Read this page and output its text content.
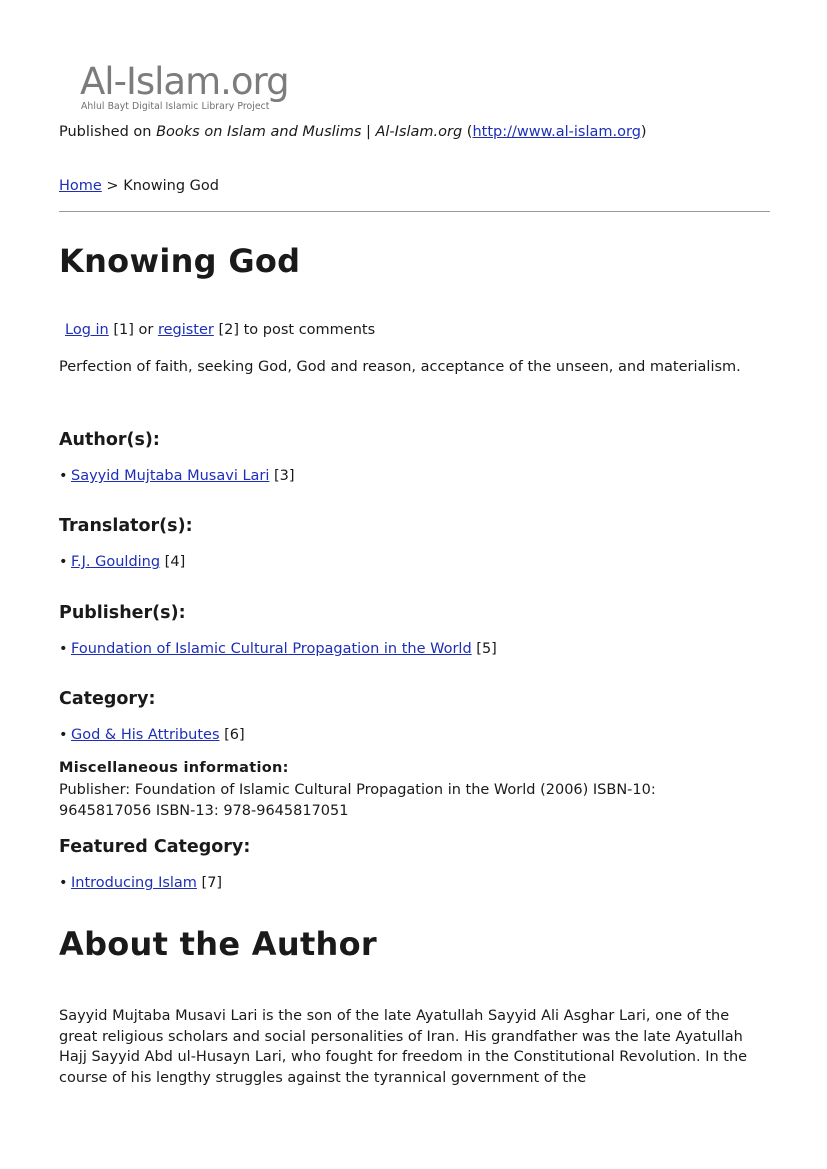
Al-Islam.org
Ahlul Bayt Digital Islamic Library Project
Published on Books on Islam and Muslims | Al-Islam.org (http://www.al-islam.org)
Home > Knowing God
Knowing God

Log in [1] or register [2] to post comments

Perfection of faith, seeking God, God and reason, acceptance of the unseen, and materialism.
Author(s):
• Sayyid Mujtaba Musavi Lari [3]
Translator(s):
• F.J. Goulding [4]
Publisher(s):
• Foundation of Islamic Cultural Propagation in the World [5]
Category:
• God & His Attributes [6]
Miscellaneous information:
Publisher: Foundation of Islamic Cultural Propagation in the World (2006) ISBN-10: 9645817056 ISBN-13: 978-9645817051
Featured Category:
• Introducing Islam [7]
About the Author
Sayyid Mujtaba Musavi Lari is the son of the late Ayatullah Sayyid Ali Asghar Lari, one of the great religious scholars and social personalities of Iran. His grandfather was the late Ayatullah Hajj Sayyid Abd ul-Husayn Lari, who fought for freedom in the Constitutional Revolution. In the course of his lengthy struggles against the tyrannical government of the
